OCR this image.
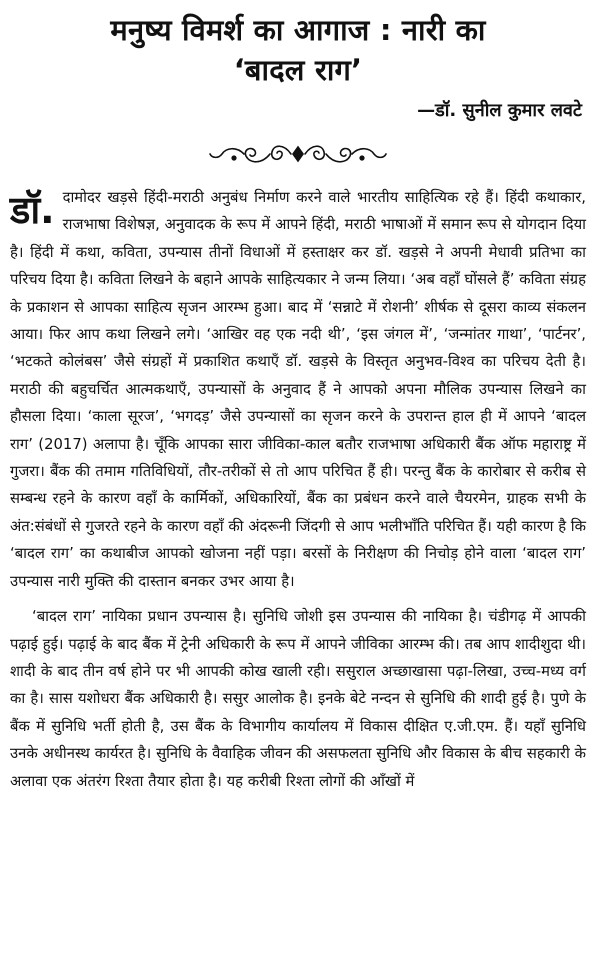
मनुष्य विमर्श का आगाज : नारी का
‘बादल राग’
—डॉ. सुनील कुमार लवटे

डॉ. दामोदर खड़से हिंदी-मराठी अनुबंध निर्माण करने वाले भारतीय साहित्यिक रहे हैं। हिंदी कथाकार, राजभाषा विशेषज्ञ, अनुवादक के रूप में आपने हिंदी, मराठी भाषाओं में समान रूप से योगदान दिया है। हिंदी में कथा, कविता, उपन्यास तीनों विधाओं में हस्ताक्षर कर डॉ. खड़से ने अपनी मेधावी प्रतिभा का परिचय दिया है। कविता लिखने के बहाने आपके साहित्यकार ने जन्म लिया। ‘अब वहाँ घोंसले हैं’ कविता संग्रह के प्रकाशन से आपका साहित्य सृजन आरम्भ हुआ। बाद में ‘सन्नाटे में रोशनी’ शीर्षक से दूसरा काव्य संकलन आया। फिर आप कथा लिखने लगे। ‘आखिर वह एक नदी थी’, ‘इस जंगल में’, ‘जन्मांतर गाथा’, ‘पार्टनर’, ‘भटकते कोलंबस’ जैसे संग्रहों में प्रकाशित कथाएँ डॉ. खड़से के विस्तृत अनुभव-विश्व का परिचय देती है। मराठी की बहुचर्चित आत्मकथाएँ, उपन्यासों के अनुवाद हैं ने आपको अपना मौलिक उपन्यास लिखने का हौसला दिया। ‘काला सूरज’, ‘भगदड़’ जैसे उपन्यासों का सृजन करने के उपरान्त हाल ही में आपने ‘बादल राग’ (2017) अलापा है। चूँकि आपका सारा जीविका-काल बतौर राजभाषा अधिकारी बैंक ऑफ महाराष्ट्र में गुजरा। बैंक की तमाम गतिविधियों, तौर-तरीकों से तो आप परिचित हैं ही। परन्तु बैंक के कारोबार से करीब से सम्बन्ध रहने के कारण वहाँ के कार्मिकों, अधिकारियों, बैंक का प्रबंधन करने वाले चैयरमेन, ग्राहक सभी के अंत:संबंधों से गुजरते रहने के कारण वहाँ की अंदरूनी जिंदगी से आप भलीभाँति परिचित हैं। यही कारण है कि ‘बादल राग’ का कथाबीज आपको खोजना नहीं पड़ा। बरसों के निरीक्षण की निचोड़ होने वाला ‘बादल राग’ उपन्यास नारी मुक्ति की दास्तान बनकर उभर आया है।

‘बादल राग’ नायिका प्रधान उपन्यास है। सुनिधि जोशी इस उपन्यास की नायिका है। चंडीगढ़ में आपकी पढ़ाई हुई। पढ़ाई के बाद बैंक में ट्रेनी अधिकारी के रूप में आपने जीविका आरम्भ की। तब आप शादीशुदा थी। शादी के बाद तीन वर्ष होने पर भी आपकी कोख खाली रही। ससुराल अच्छाखासा पढ़ा-लिखा, उच्च-मध्य वर्ग का है। सास यशोधरा बैंक अधिकारी है। ससुर आलोक है। इनके बेटे नन्दन से सुनिधि की शादी हुई है। पुणे के बैंक में सुनिधि भर्ती होती है, उस बैंक के विभागीय कार्यालय में विकास दीक्षित ए.जी.एम. हैं। यहाँ सुनिधि उनके अधीनस्थ कार्यरत है। सुनिधि के वैवाहिक जीवन की असफलता सुनिधि और विकास के बीच सहकारी के अलावा एक अंतरंग रिश्ता तैयार होता है। यह करीबी रिश्ता लोगों की आँखों में
